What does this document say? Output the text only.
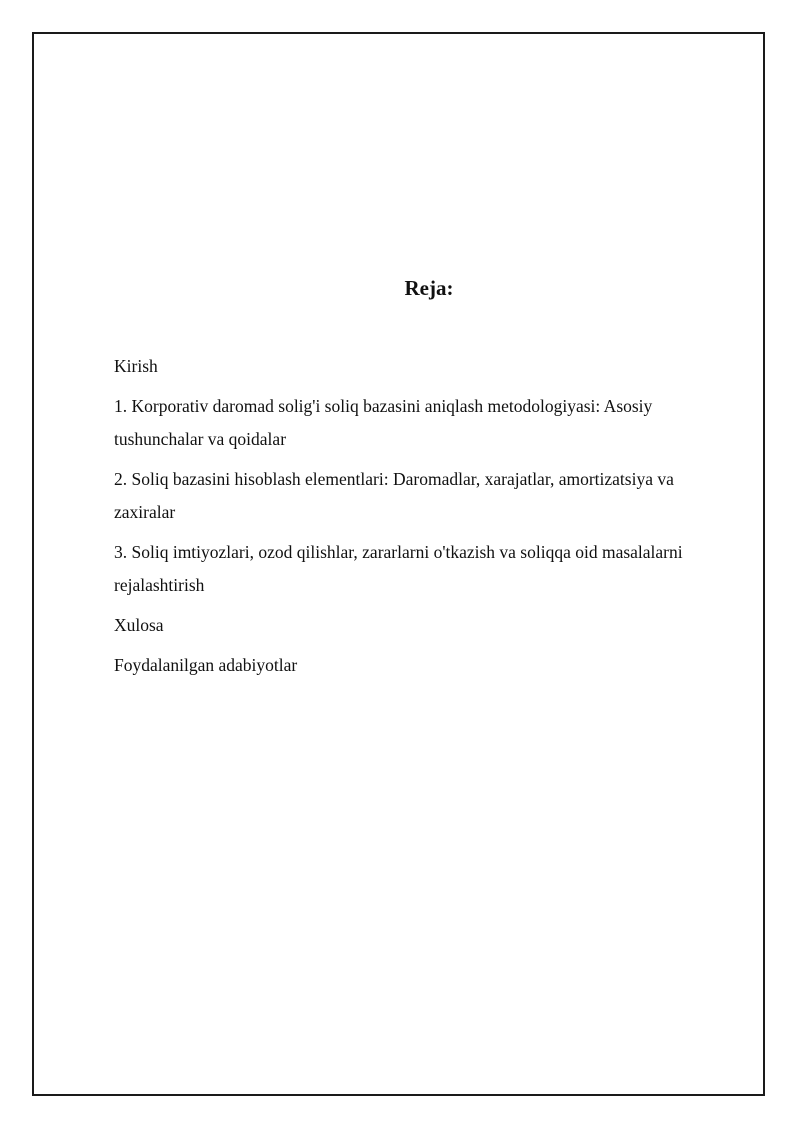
Reja:
Kirish
1. Korporativ daromad solig'i soliq bazasini aniqlash metodologiyasi: Asosiy tushunchalar va qoidalar
2. Soliq bazasini hisoblash elementlari: Daromadlar, xarajatlar, amortizatsiya va zaxiralar
3. Soliq imtiyozlari, ozod qilishlar, zararlarni o'tkazish va soliqqa oid masalalarni rejalashtirish
Xulosa
Foydalanilgan adabiyotlar
